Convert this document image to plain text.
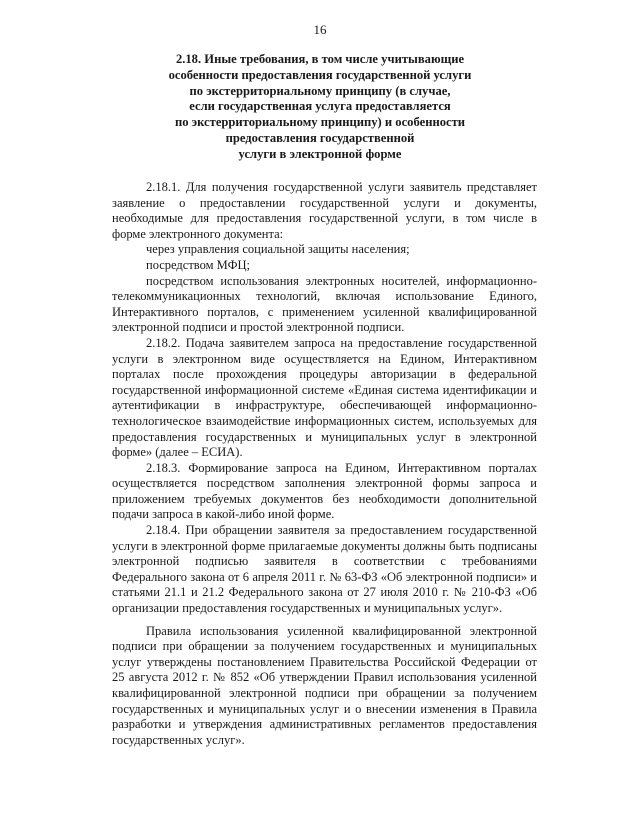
16
2.18. Иные требования, в том числе учитывающие
особенности предоставления государственной услуги
по экстерриториальному принципу (в случае,
если государственная услуга предоставляется
по экстерриториальному принципу) и особенности
предоставления государственной
услуги в электронной форме

2.18.1. Для получения государственной услуги заявитель представляет заявление о предоставлении государственной услуги и документы, необходимые для предоставления государственной услуги, в том числе в форме электронного документа:

через управления социальной защиты населения;

посредством МФЦ;

посредством использования электронных носителей, информационно-телекоммуникационных технологий, включая использование Единого, Интерактивного порталов, с применением усиленной квалифицированной электронной подписи и простой электронной подписи.

2.18.2. Подача заявителем запроса на предоставление государственной услуги в электронном виде осуществляется на Едином, Интерактивном порталах после прохождения процедуры авторизации в федеральной государственной информационной системе «Единая система идентификации и аутентификации в инфраструктуре, обеспечивающей информационно-технологическое взаимодействие информационных систем, используемых для предоставления государственных и муниципальных услуг в электронной форме» (далее – ЕСИА).

2.18.3. Формирование запроса на Едином, Интерактивном порталах осуществляется посредством заполнения электронной формы запроса и приложением требуемых документов без необходимости дополнительной подачи запроса в какой-либо иной форме.

2.18.4. При обращении заявителя за предоставлением государственной услуги в электронной форме прилагаемые документы должны быть подписаны электронной подписью заявителя в соответствии с требованиями Федерального закона от 6 апреля 2011 г. № 63-ФЗ «Об электронной подписи» и статьями 21.1 и 21.2 Федерального закона от 27 июля 2010 г. № 210-ФЗ «Об организации предоставления государственных и муниципальных услуг».

Правила использования усиленной квалифицированной электронной подписи при обращении за получением государственных и муниципальных услуг утверждены постановлением Правительства Российской Федерации от 25 августа 2012 г. № 852 «Об утверждении Правил использования усиленной квалифицированной электронной подписи при обращении за получением государственных и муниципальных услуг и о внесении изменения в Правила разработки и утверждения административных регламентов предоставления государственных услуг».
